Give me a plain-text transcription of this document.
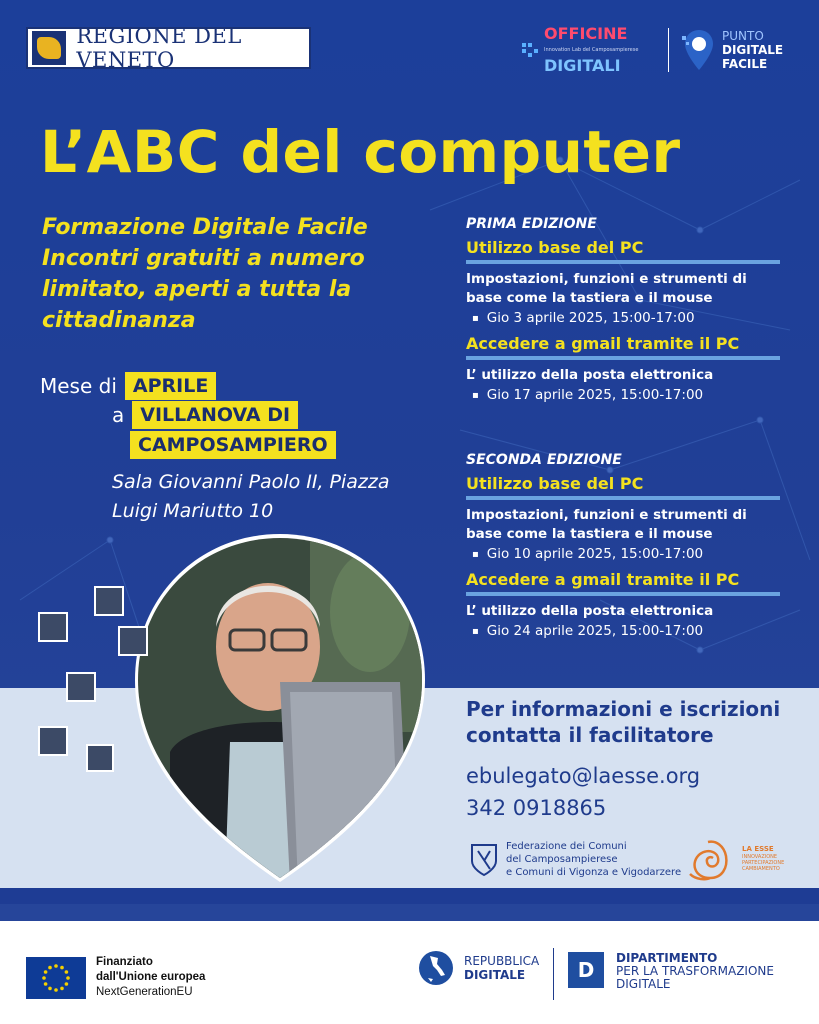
REGIONE DEL VENETO
OFFICINE
Innovation Lab del Camposampierese
DIGITALI
PUNTO
DIGITALE
FACILE
L’ABC del computer
Formazione Digitale Facile
Incontri gratuiti a numero limitato, aperti a tutta la cittadinanza
Mese di APRILE
a VILLANOVA DI
CAMPOSAMPIERO
Sala Giovanni Paolo II, Piazza Luigi Mariutto 10
PRIMA EDIZIONE
Utilizzo base del PC
Impostazioni, funzioni e strumenti di base come la tastiera e il mouse
▪ Gio 3 aprile 2025, 15:00-17:00
Accedere a gmail tramite il PC
L’ utilizzo della posta elettronica
▪ Gio 17 aprile 2025, 15:00-17:00
SECONDA EDIZIONE
Utilizzo base del PC
Impostazioni, funzioni e strumenti di base come la tastiera e il mouse
▪ Gio 10 aprile 2025, 15:00-17:00
Accedere a gmail tramite il PC
L’ utilizzo della posta elettronica
▪ Gio 24 aprile 2025, 15:00-17:00
Per informazioni e iscrizioni contatta il facilitatore
ebulegato@laesse.org
342 0918865
Federazione dei Comuni
del Camposampierese
e Comuni di Vigonza e Vigodarzere
LA ESSE
INNOVAZIONE
PARTECIPAZIONE
CAMBIAMENTO
Finanziato
dall'Unione europea
NextGenerationEU
REPUBBLICA
DIGITALE	D	DIPARTIMENTO
PER LA TRASFORMAZIONE
DIGITALE
